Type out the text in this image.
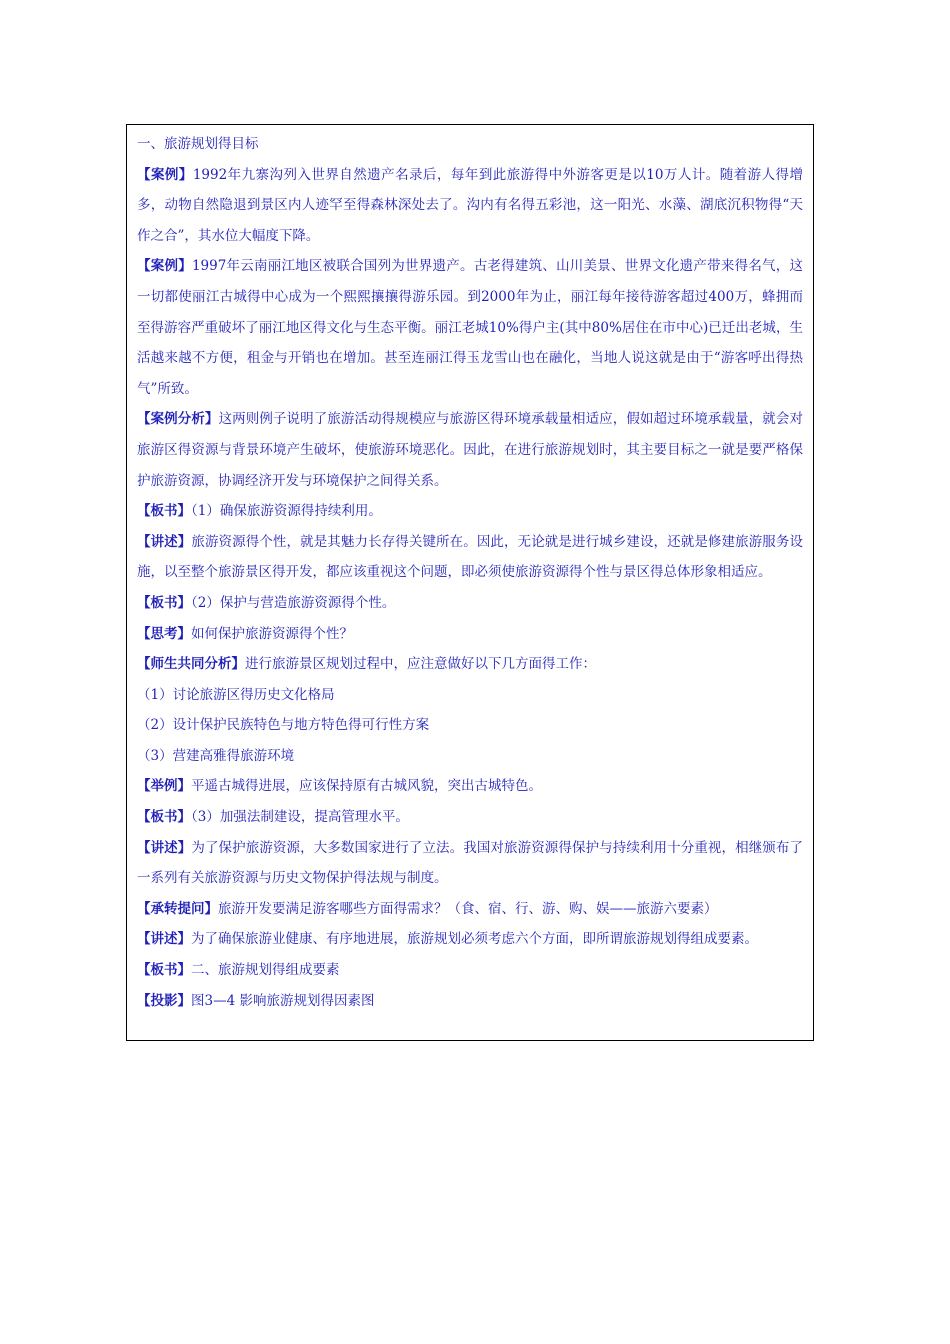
一、旅游规划得目标

【案例】1992年九寨沟列入世界自然遗产名录后，每年到此旅游得中外游客更是以10万人计。随着游人得增多，动物自然隐退到景区内人迹罕至得森林深处去了。沟内有名得五彩池，这一阳光、水藻、湖底沉积物得“天作之合”，其水位大幅度下降。

【案例】1997年云南丽江地区被联合国列为世界遗产。古老得建筑、山川美景、世界文化遗产带来得名气，这一切都使丽江古城得中心成为一个熙熙攘攘得游乐园。到2000年为止，丽江每年接待游客超过400万，蜂拥而至得游容严重破坏了丽江地区得文化与生态平衡。丽江老城10%得户主(其中80%居住在市中心)已迁出老城，生活越来越不方便，租金与开销也在增加。甚至连丽江得玉龙雪山也在融化，当地人说这就是由于“游客呼出得热气”所致。

【案例分析】这两则例子说明了旅游活动得规模应与旅游区得环境承载量相适应，假如超过环境承载量，就会对旅游区得资源与背景环境产生破坏，使旅游环境恶化。因此，在进行旅游规划时，其主要目标之一就是要严格保护旅游资源，协调经济开发与环境保护之间得关系。

【板书】（1）确保旅游资源得持续利用。

【讲述】旅游资源得个性，就是其魅力长存得关键所在。因此，无论就是进行城乡建设，还就是修建旅游服务设施，以至整个旅游景区得开发，都应该重视这个问题，即必须使旅游资源得个性与景区得总体形象相适应。

【板书】（2）保护与营造旅游资源得个性。

【思考】如何保护旅游资源得个性？

【师生共同分析】进行旅游景区规划过程中，应注意做好以下几方面得工作：

（1）讨论旅游区得历史文化格局

（2）设计保护民族特色与地方特色得可行性方案

（3）营建高雅得旅游环境

【举例】平遥古城得进展，应该保持原有古城风貌，突出古城特色。

【板书】（3）加强法制建设，提高管理水平。

【讲述】为了保护旅游资源，大多数国家进行了立法。我国对旅游资源得保护与持续利用十分重视，相继颁布了一系列有关旅游资源与历史文物保护得法规与制度。

【承转提问】旅游开发要满足游客哪些方面得需求？（食、宿、行、游、购、娱——旅游六要素）

【讲述】为了确保旅游业健康、有序地进展，旅游规划必须考虑六个方面，即所谓旅游规划得组成要素。

【板书】二、旅游规划得组成要素

【投影】图3—4 影响旅游规划得因素图
